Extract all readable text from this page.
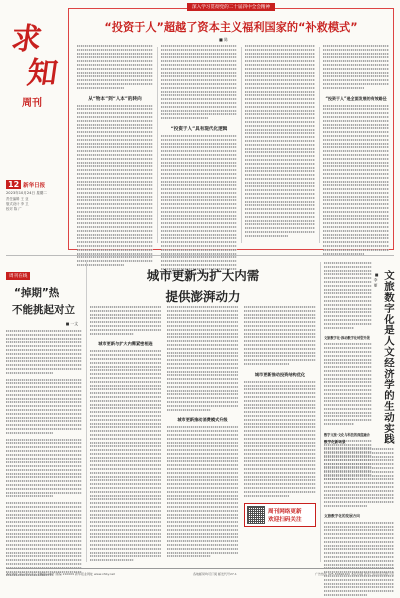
求
知
周刊
12 新华日报
2023年10月24日 星期二
责任编辑 王 亚
版式设计 李 卫
校对 陈 广
深入学习贯彻党的二十届四中全会精神
“投资于人”超越了资本主义福利国家的“补救模式”
■ 陈
从“物本”到“人本”的转向
“投资于人”具有现代化逻辑
“投资于人”是全面发展的有效路径
周刊在线
“掉期”热
不能挑起对立
■ 一文
城市更新为扩大内需
提供澎湃动力
城市更新与扩大内需紧密相连
城市更新推动消费模式升级
城市更新推动投资结构优化
周刊网络更新
欢迎扫码关注
文旅数字化是人文经济学的生动实践
■ 李 丽
文旅数字化·推动数字化转型升级
数字文旅·文化与科技的深度融合
数字化新场景
文旅数字化的发展方向
本社地址 南京市玄武区龙蟠路108号 邮编 210009 新华报业网址 www.xhby.net	各地邮局均可订阅 邮发代号27-1	广告热线 025-84696400 本报印刷 新华日报印务有限公司
